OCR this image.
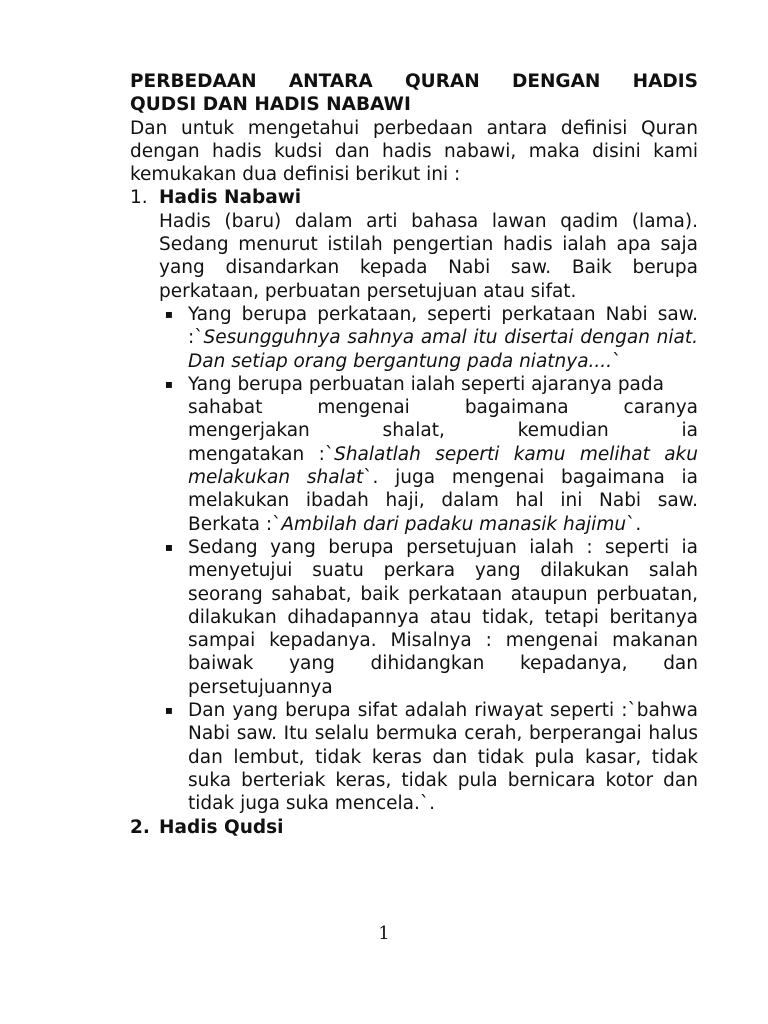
PERBEDAAN ANTARA QURAN DENGAN HADIS
QUDSI DAN HADIS NABAWI
Dan untuk mengetahui perbedaan antara definisi Quran dengan hadis kudsi dan hadis nabawi, maka disini kami kemukakan dua definisi berikut ini :
1. Hadis Nabawi
Hadis (baru) dalam arti bahasa lawan qadim (lama). Sedang menurut istilah pengertian hadis ialah apa saja yang disandarkan kepada Nabi saw. Baik berupa perkataan, perbuatan persetujuan atau sifat.
▪ Yang berupa perkataan, seperti perkataan Nabi saw. :`Sesungguhnya sahnya amal itu disertai dengan niat. Dan setiap orang bergantung pada niatnya....`
▪ Yang berupa perbuatan ialah seperti ajaranya pada
sahabat mengenai bagaimana caranya
mengerjakan shalat, kemudian ia
mengatakan :`Shalatlah seperti kamu melihat aku melakukan shalat`. juga mengenai bagaimana ia melakukan ibadah haji, dalam hal ini Nabi saw. Berkata :`Ambilah dari padaku manasik hajimu`.
▪ Sedang yang berupa persetujuan ialah : seperti ia menyetujui suatu perkara yang dilakukan salah seorang sahabat, baik perkataan ataupun perbuatan, dilakukan dihadapannya atau tidak, tetapi beritanya sampai kepadanya. Misalnya : mengenai makanan baiwak yang dihidangkan kepadanya, dan persetujuannya
▪ Dan yang berupa sifat adalah riwayat seperti :`bahwa Nabi saw. Itu selalu bermuka cerah, berperangai halus dan lembut, tidak keras dan tidak pula kasar, tidak suka berteriak keras, tidak pula bernicara kotor dan tidak juga suka mencela.`.
2. Hadis Qudsi
1
